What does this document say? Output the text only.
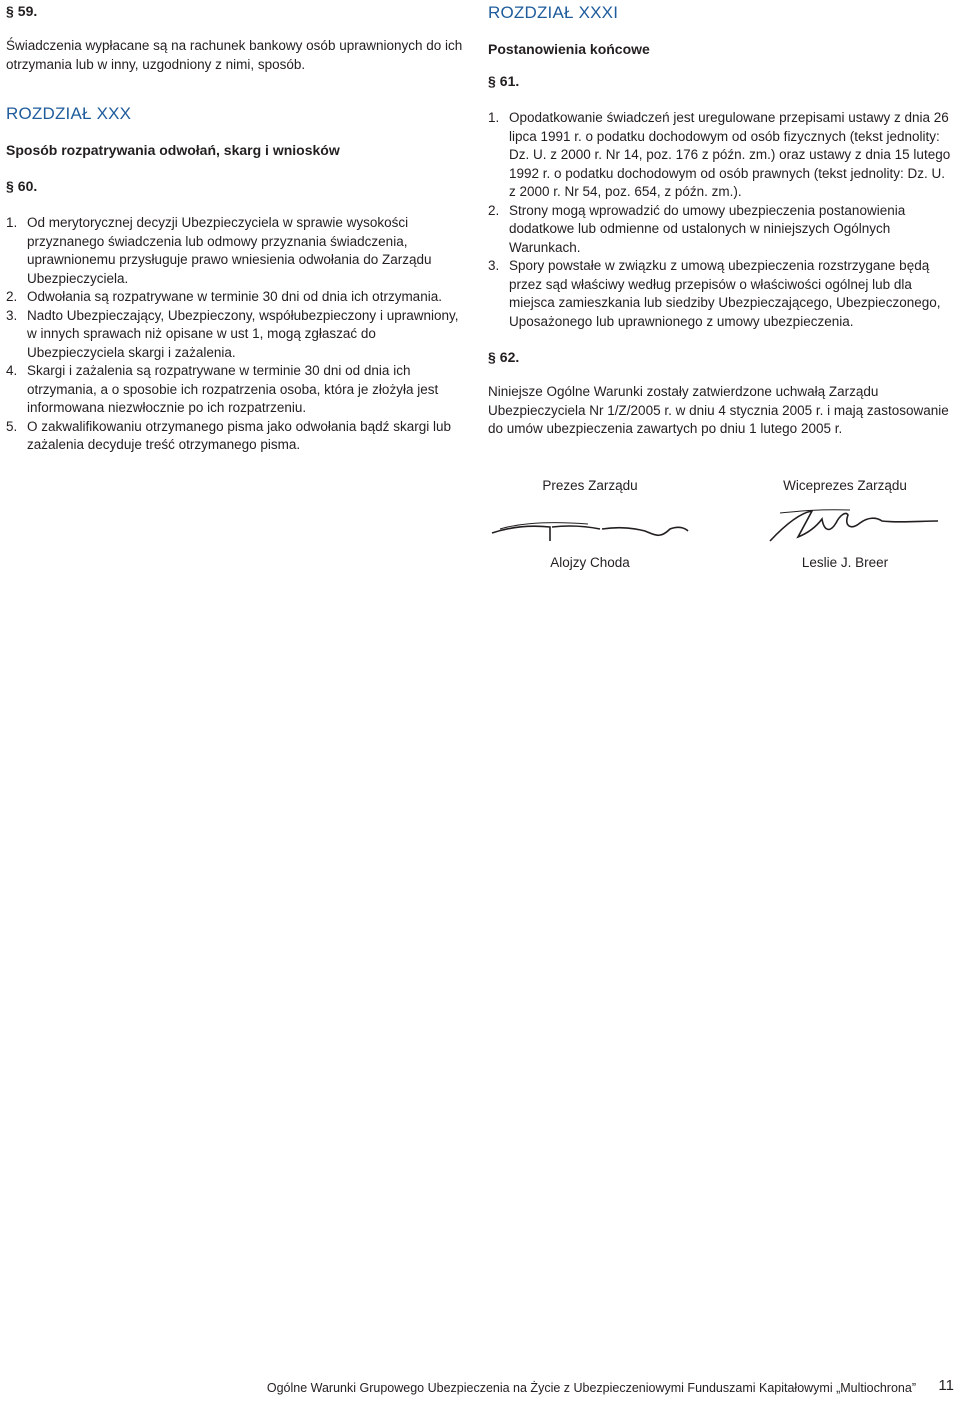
§ 59.

Świadczenia wypłacane są na rachunek bankowy osób uprawnionych do ich otrzymania lub w inny, uzgodniony z nimi, sposób.

ROZDZIAŁ XXX

Sposób rozpatrywania odwołań, skarg i wniosków

§ 60.

1. Od merytorycznej decyzji Ubezpieczyciela w sprawie wysokości przyznanego świadczenia lub odmowy przyznania świadczenia, uprawnionemu przysługuje prawo wniesienia odwołania do Zarządu Ubezpieczyciela.
2. Odwołania są rozpatrywane w terminie 30 dni od dnia ich otrzymania.
3. Nadto Ubezpieczający, Ubezpieczony, współubezpieczony i uprawniony, w innych sprawach niż opisane w ust 1, mogą zgłaszać do Ubezpieczyciela skargi i zażalenia.
4. Skargi i zażalenia są rozpatrywane w terminie 30 dni od dnia ich otrzymania, a o sposobie ich rozpatrzenia osoba, która je złożyła jest informowana niezwłocznie po ich rozpatrzeniu.
5. O zakwalifikowaniu otrzymanego pisma jako odwołania bądź skargi lub zażalenia decyduje treść otrzymanego pisma.

ROZDZIAŁ XXXI

Postanowienia końcowe

§ 61.

1. Opodatkowanie świadczeń jest uregulowane przepisami ustawy z dnia 26 lipca 1991 r. o podatku dochodowym od osób fizycznych (tekst jednolity: Dz. U. z 2000 r. Nr 14, poz. 176 z późn. zm.) oraz ustawy z dnia 15 lutego 1992 r. o podatku dochodowym od osób prawnych (tekst jednolity: Dz. U. z 2000 r. Nr 54, poz. 654, z późn. zm.).
2. Strony mogą wprowadzić do umowy ubezpieczenia postanowienia dodatkowe lub odmienne od ustalonych w niniejszych Ogólnych Warunkach.
3. Spory powstałe w związku z umową ubezpieczenia rozstrzygane będą przez sąd właściwy według przepisów o właściwości ogólnej lub dla miejsca zamieszkania lub siedziby Ubezpieczającego, Ubezpieczonego, Uposażonego lub uprawnionego z umowy ubezpieczenia.

§ 62.

Niniejsze Ogólne Warunki zostały zatwierdzone uchwałą Zarządu Ubezpieczyciela Nr 1/Z/2005 r. w dniu 4 stycznia 2005 r. i mają zastosowanie do umów ubezpieczenia zawartych po dniu 1 lutego 2005 r.

Prezes Zarządu
Alojzy Choda
Wiceprezes Zarządu
Leslie J. Breer
Ogólne Warunki Grupowego Ubezpieczenia na Życie z Ubezpieczeniowymi Funduszami Kapitałowymi „Multiochrona” 11
